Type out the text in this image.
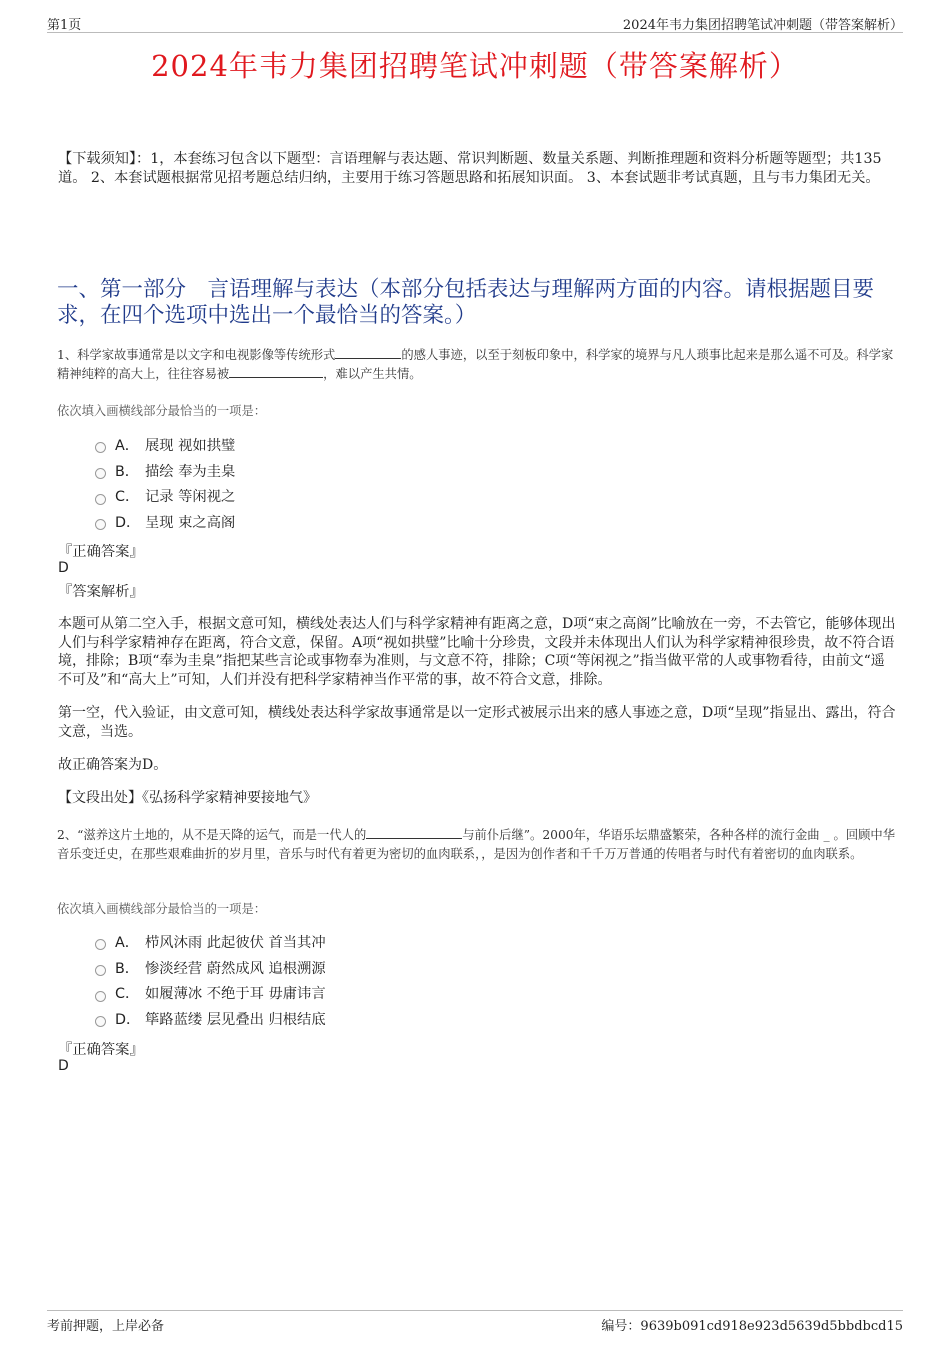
第1页	2024年韦力集团招聘笔试冲刺题（带答案解析）
2024年韦力集团招聘笔试冲刺题（带答案解析）
【下载须知】：1，本套练习包含以下题型：言语理解与表达题、常识判断题、数量关系题、判断推理题和资料分析题等题型；共135道。 2、本套试题根据常见招考题总结归纳，主要用于练习答题思路和拓展知识面。 3、本套试题非考试真题，且与韦力集团无关。
一、第一部分　言语理解与表达（本部分包括表达与理解两方面的内容。请根据题目要求，在四个选项中选出一个最恰当的答案。）
1、科学家故事通常是以文字和电视影像等传统形式	的感人事迹，以至于刻板印象中，科学家的境界与凡人琐事比起来是那么遥不可及。科学家精神纯粹的高大上，往往容易被	，难以产生共情。
依次填入画横线部分最恰当的一项是：
A． 展现 视如拱璧
B． 描绘 奉为圭臬
C． 记录 等闲视之
D． 呈现 束之高阁
『正确答案』
D
『答案解析』
本题可从第二空入手，根据文意可知，横线处表达人们与科学家精神有距离之意，D项“束之高阁”比喻放在一旁，不去管它，能够体现出人们与科学家精神存在距离，符合文意，保留。A项“视如拱璧”比喻十分珍贵，文段并未体现出人们认为科学家精神很珍贵，故不符合语境，排除；B项“奉为圭臬”指把某些言论或事物奉为准则，与文意不符，排除；C项“等闲视之”指当做平常的人或事物看待，由前文“遥不可及”和“高大上”可知，人们并没有把科学家精神当作平常的事，故不符合文意，排除。
第一空，代入验证，由文意可知，横线处表达科学家故事通常是以一定形式被展示出来的感人事迹之意，D项“呈现”指显出、露出，符合文意，当选。
故正确答案为D。
【文段出处】《弘扬科学家精神要接地气》
2、“滋养这片土地的，从不是天降的运气，而是一代人的	与前仆后继”。2000年，华语乐坛鼎盛繁荣，各种各样的流行金曲 _ 。回顾中华音乐变迁史，在那些艰难曲折的岁月里，音乐与时代有着更为密切的血肉联系，，是因为创作者和千千万万普通的传唱者与时代有着密切的血肉联系。
依次填入画横线部分最恰当的一项是：
A． 栉风沐雨 此起彼伏 首当其冲
B． 惨淡经营 蔚然成风 追根溯源
C． 如履薄冰 不绝于耳 毋庸讳言
D． 筚路蓝缕 层见叠出 归根结底
『正确答案』
D
考前押题，上岸必备	编号：9639b091cd918e923d5639d5bbdbcd15
